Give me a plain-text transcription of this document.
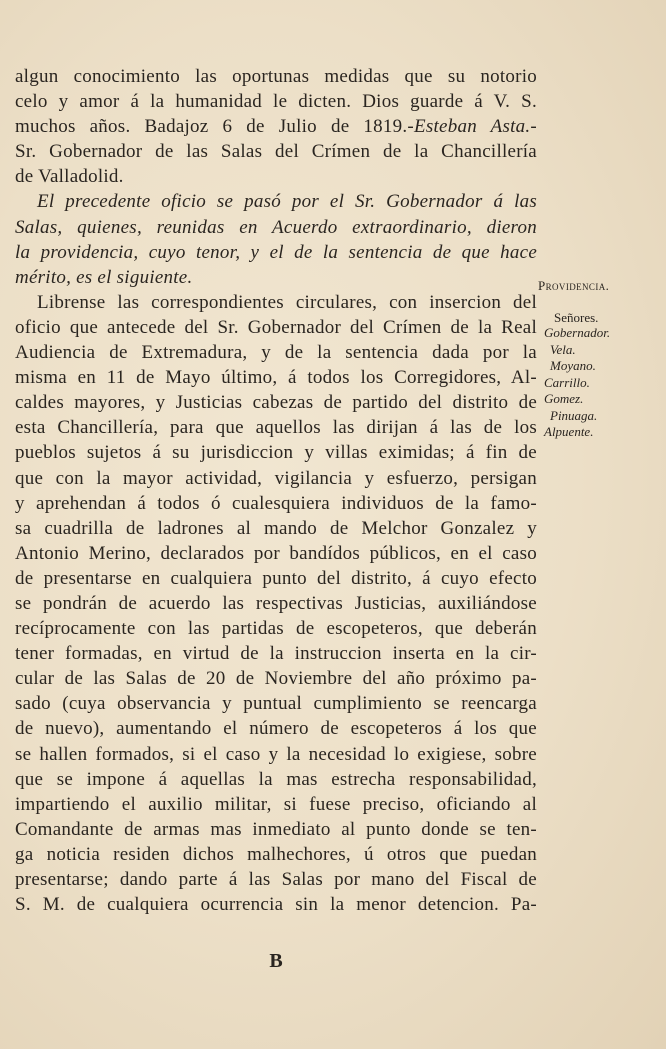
algun conocimiento las oportunas medidas que su notorio
celo y amor á la humanidad le dicten. Dios guarde á V. S.
muchos años. Badajoz 6 de Julio de 1819.-Esteban Asta.-
Sr. Gobernador de las Salas del Crímen de la Chancillería
de Valladolid.
El precedente oficio se pasó por el Sr. Gobernador á las
Salas, quienes, reunidas en Acuerdo extraordinario, dieron
la providencia, cuyo tenor, y el de la sentencia de que hace
mérito, es el siguiente.
Librense las correspondientes circulares, con insercion del
oficio que antecede del Sr. Gobernador del Crímen de la Real
Audiencia de Extremadura, y de la sentencia dada por la
misma en 11 de Mayo último, á todos los Corregidores, Al-
caldes mayores, y Justicias cabezas de partido del distrito de
esta Chancillería, para que aquellos las dirijan á las de los
pueblos sujetos á su jurisdiccion y villas eximidas; á fin de
que con la mayor actividad, vigilancia y esfuerzo, persigan
y aprehendan á todos ó cualesquiera individuos de la famo-
sa cuadrilla de ladrones al mando de Melchor Gonzalez y
Antonio Merino, declarados por bandídos públicos, en el caso
de presentarse en cualquiera punto del distrito, á cuyo efecto
se pondrán de acuerdo las respectivas Justicias, auxiliándose
recíprocamente con las partidas de escopeteros, que deberán
tener formadas, en virtud de la instruccion inserta en la cir-
cular de las Salas de 20 de Noviembre del año próximo pa-
sado (cuya observancia y puntual cumplimiento se reencarga
de nuevo), aumentando el número de escopeteros á los que
se hallen formados, si el caso y la necesidad lo exigiese, sobre
que se impone á aquellas la mas estrecha responsabilidad,
impartiendo el auxilio militar, si fuese preciso, oficiando al
Comandante de armas mas inmediato al punto donde se ten-
ga noticia residen dichos malhechores, ú otros que puedan
presentarse; dando parte á las Salas por mano del Fiscal de
S. M. de cualquiera ocurrencia sin la menor detencion. Pa-
Providencia.
Señores.
Gobernador.
Vela.
Moyano.
Carrillo.
Gomez.
Pinuaga.
Alpuente.
B
